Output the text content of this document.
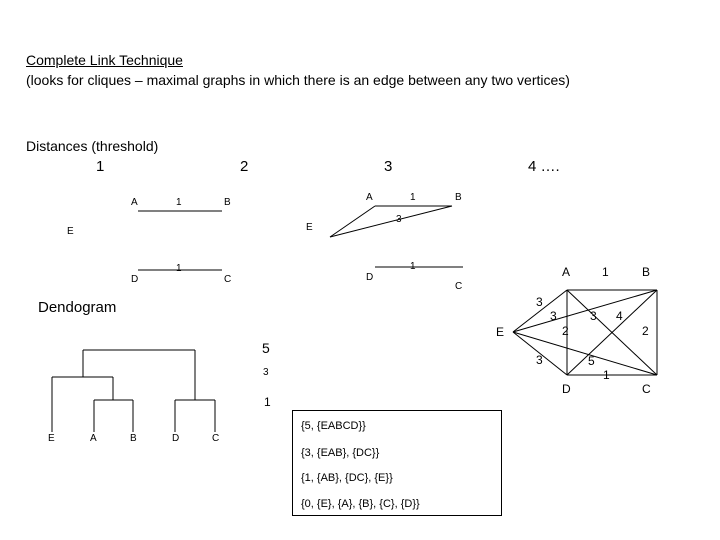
Complete Link Technique
(looks for cliques – maximal graphs in which there is an edge between any two vertices)
Distances (threshold)
1	2	3	4 ….
A	1	B
E
1
D	C
A	1	B
3
E
1
D
C
A	1	B
3
3	3 4
2	2
E
3	5
1
D	C
Dendogram
5
3
1
E	A	B	D	C
{5, {EABCD}}
{3, {EAB}, {DC}}
{1, {AB}, {DC}, {E}}
{0, {E}, {A}, {B}, {C}, {D}}
